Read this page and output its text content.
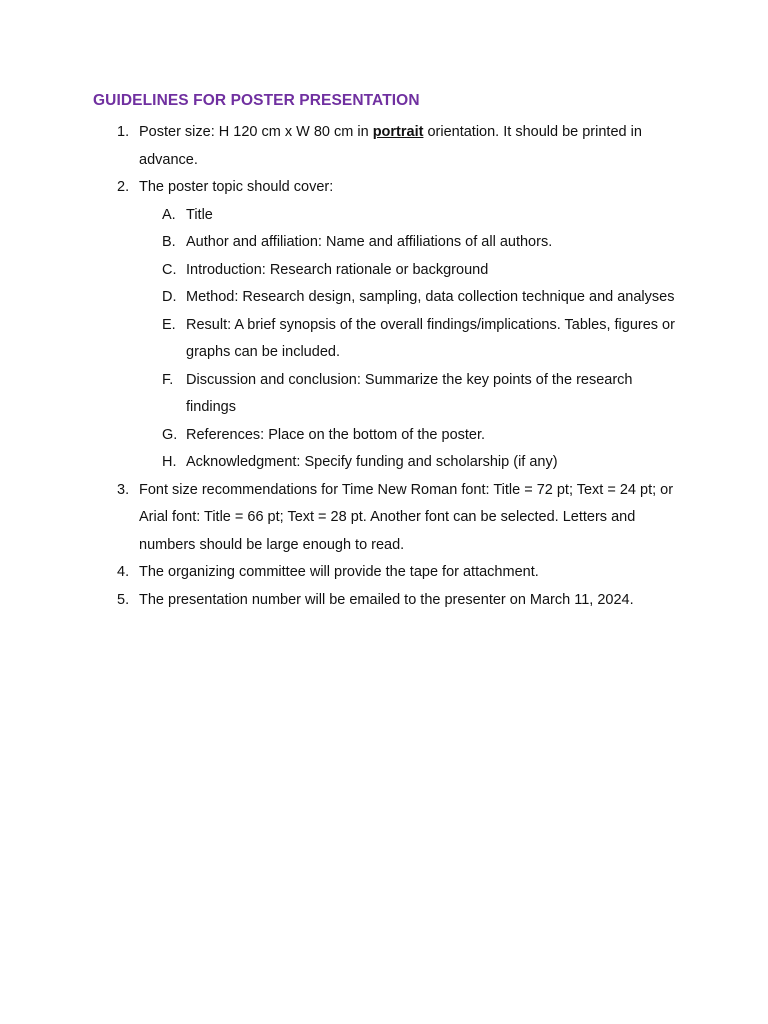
GUIDELINES FOR POSTER PRESENTATION
1. Poster size: H 120 cm x W 80 cm in portrait orientation. It should be printed in advance.
2. The poster topic should cover:
A. Title
B. Author and affiliation: Name and affiliations of all authors.
C. Introduction: Research rationale or background
D. Method: Research design, sampling, data collection technique and analyses
E. Result: A brief synopsis of the overall findings/implications. Tables, figures or graphs can be included.
F. Discussion and conclusion: Summarize the key points of the research findings
G. References: Place on the bottom of the poster.
H. Acknowledgment: Specify funding and scholarship (if any)
3. Font size recommendations for Time New Roman font: Title = 72 pt; Text = 24 pt; or Arial font: Title = 66 pt; Text = 28 pt. Another font can be selected. Letters and numbers should be large enough to read.
4. The organizing committee will provide the tape for attachment.
5. The presentation number will be emailed to the presenter on March 11, 2024.
